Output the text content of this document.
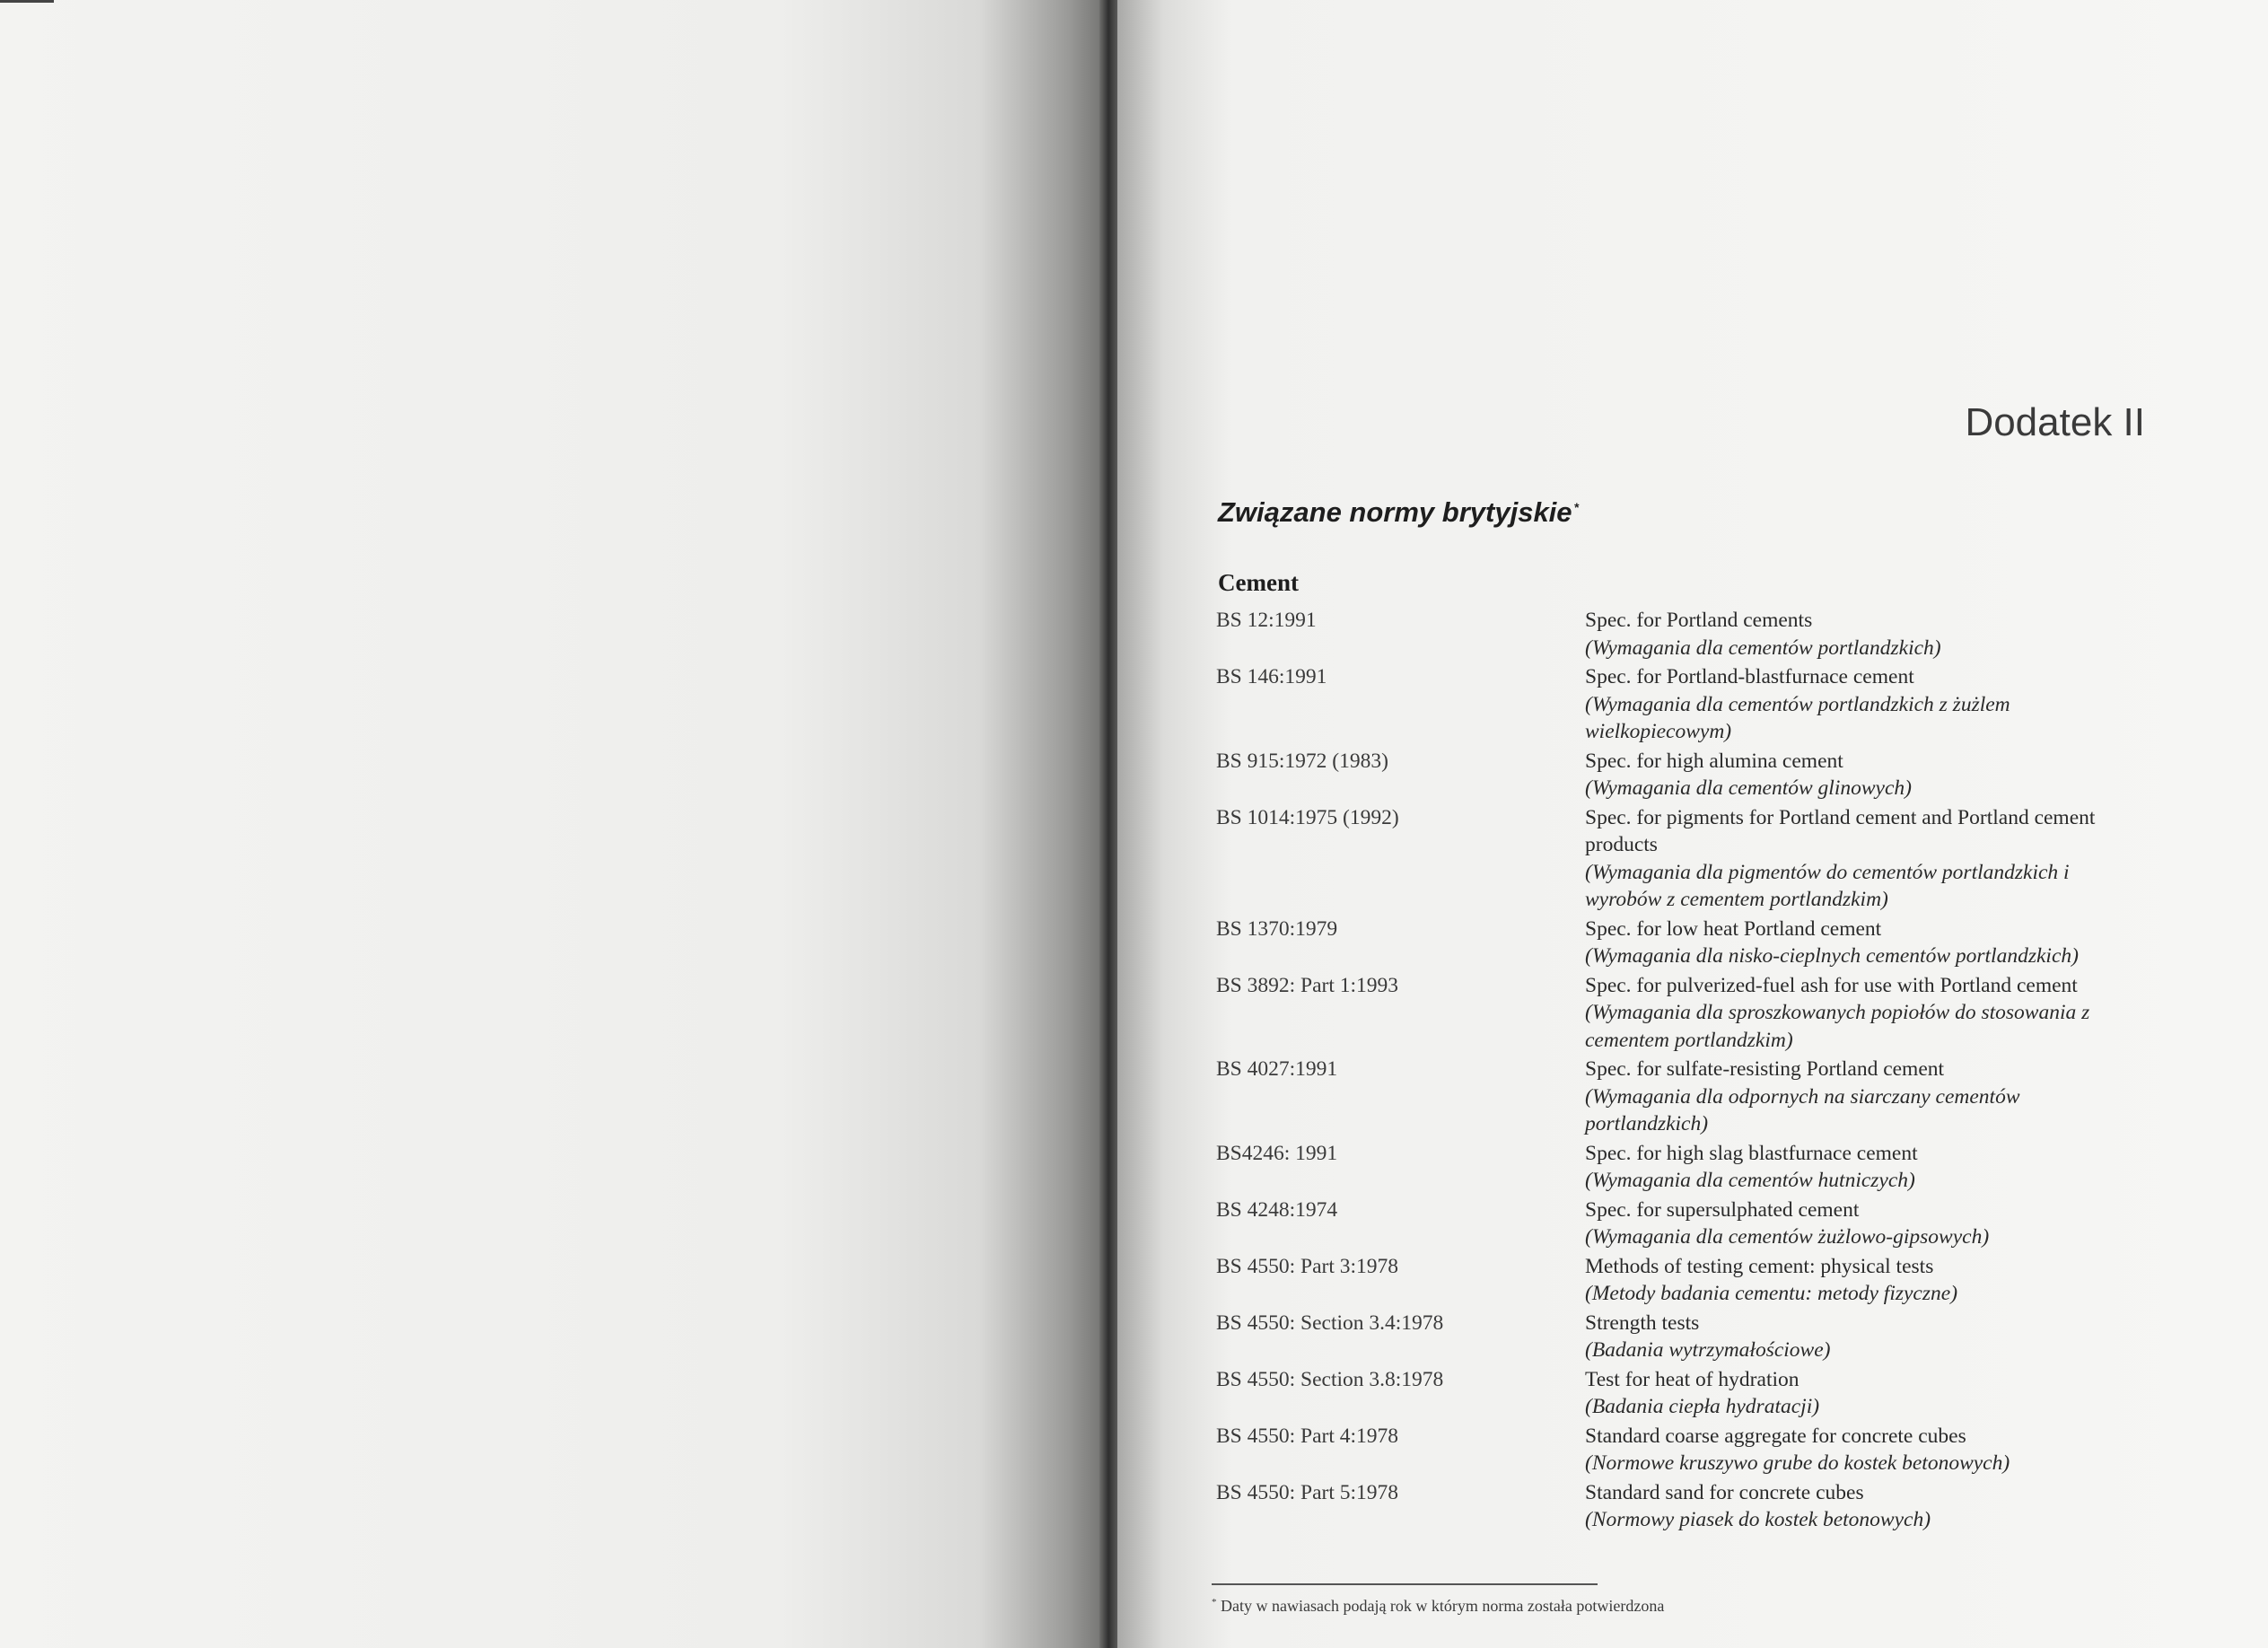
Dodatek II
Związane normy brytyjskie *
Cement
BS 12:1991	Spec. for Portland cements
(Wymagania dla cementów portlandzkich)
BS 146:1991	Spec. for Portland-blastfurnace cement
(Wymagania dla cementów portlandzkich z żużlem wielkopiecowym)
BS 915:1972 (1983)	Spec. for high alumina cement
(Wymagania dla cementów glinowych)
BS 1014:1975 (1992)	Spec. for pigments for Portland cement and Portland cement products
(Wymagania dla pigmentów do cementów portlandzkich i wyrobów z cementem portlandzkim)
BS 1370:1979	Spec. for low heat Portland cement
(Wymagania dla nisko-cieplnych cementów portlandzkich)
BS 3892: Part 1:1993	Spec. for pulverized-fuel ash for use with Portland cement
(Wymagania dla sproszkowanych popiołów do stosowania z cementem portlandzkim)
BS 4027:1991	Spec. for sulfate-resisting Portland cement
(Wymagania dla odpornych na siarczany cementów portlandzkich)
BS4246: 1991	Spec. for high slag blastfurnace cement
(Wymagania dla cementów hutniczych)
BS 4248:1974	Spec. for supersulphated cement
(Wymagania dla cementów żużlowo-gipsowych)
BS 4550: Part 3:1978	Methods of testing cement: physical tests
(Metody badania cementu: metody fizyczne)
BS 4550: Section 3.4:1978	Strength tests
(Badania wytrzymałościowe)
BS 4550: Section 3.8:1978	Test for heat of hydration
(Badania ciepła hydratacji)
BS 4550: Part 4:1978	Standard coarse aggregate for concrete cubes
(Normowe kruszywo grube do kostek betonowych)
BS 4550: Part 5:1978	Standard sand for concrete cubes
(Normowy piasek do kostek betonowych)
* Daty w nawiasach podają rok w którym norma została potwierdzona
